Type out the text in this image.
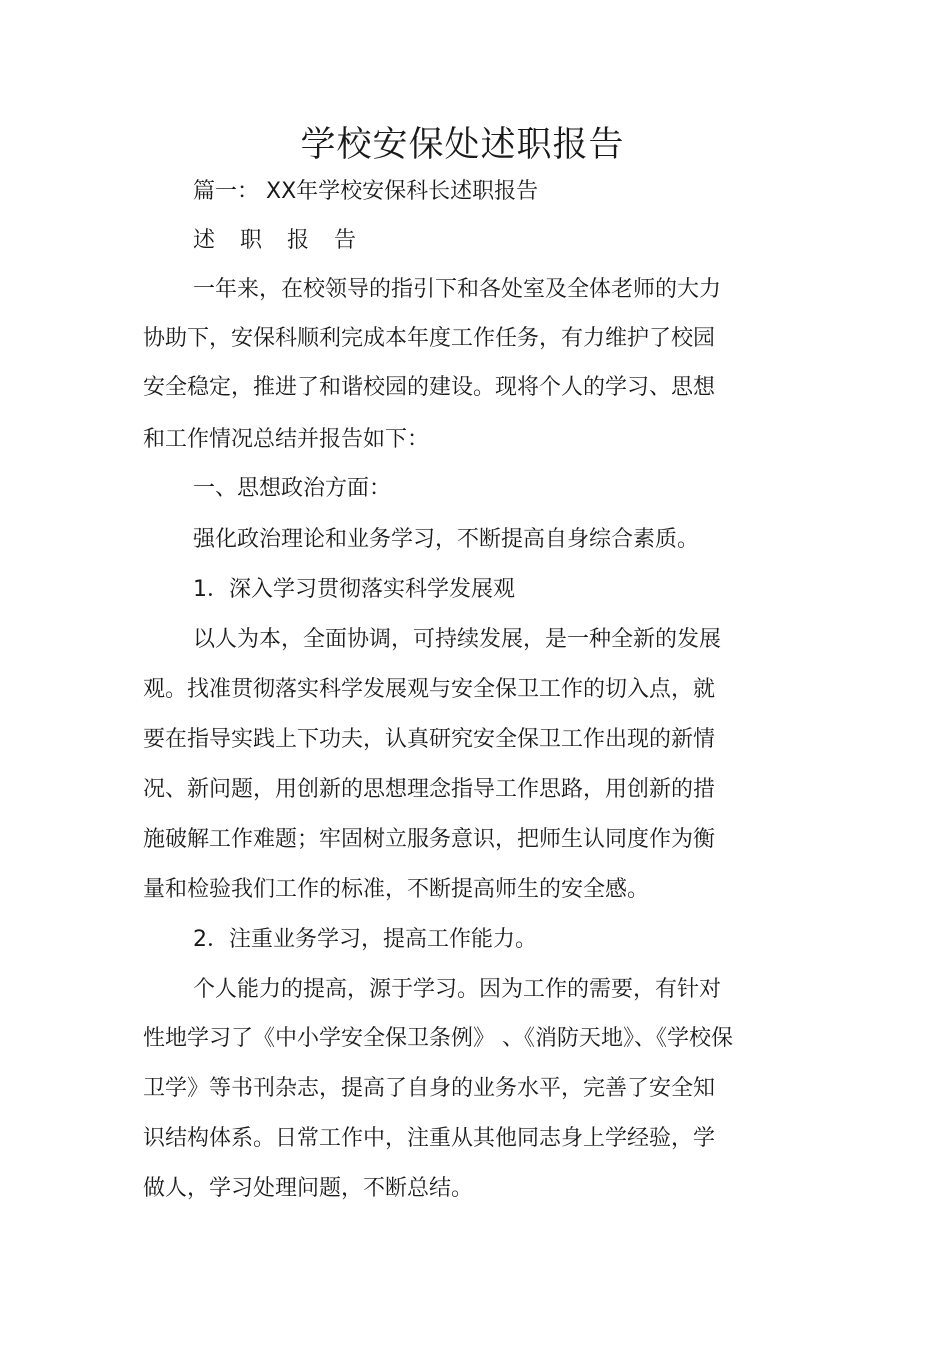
学校安保处述职报告

篇一： XX年学校安保科长述职报告

述 职 报 告

一年来，在校领导的指引下和各处室及全体老师的大力

协助下，安保科顺利完成本年度工作任务，有力维护了校园

安全稳定，推进了和谐校园的建设。现将个人的学习、思想

和工作情况总结并报告如下：

一、思想政治方面：

强化政治理论和业务学习，不断提高自身综合素质。

1．深入学习贯彻落实科学发展观

以人为本，全面协调，可持续发展，是一种全新的发展

观。找准贯彻落实科学发展观与安全保卫工作的切入点，就

要在指导实践上下功夫，认真研究安全保卫工作出现的新情

况、新问题，用创新的思想理念指导工作思路，用创新的措

施破解工作难题；牢固树立服务意识，把师生认同度作为衡

量和检验我们工作的标准，不断提高师生的安全感。

2．注重业务学习，提高工作能力。

个人能力的提高，源于学习。因为工作的需要，有针对

性地学习了《中小学安全保卫条例》 、《消防天地》、《学校保

卫学》等书刊杂志，提高了自身的业务水平，完善了安全知

识结构体系。日常工作中，注重从其他同志身上学经验，学

做人，学习处理问题，不断总结。
